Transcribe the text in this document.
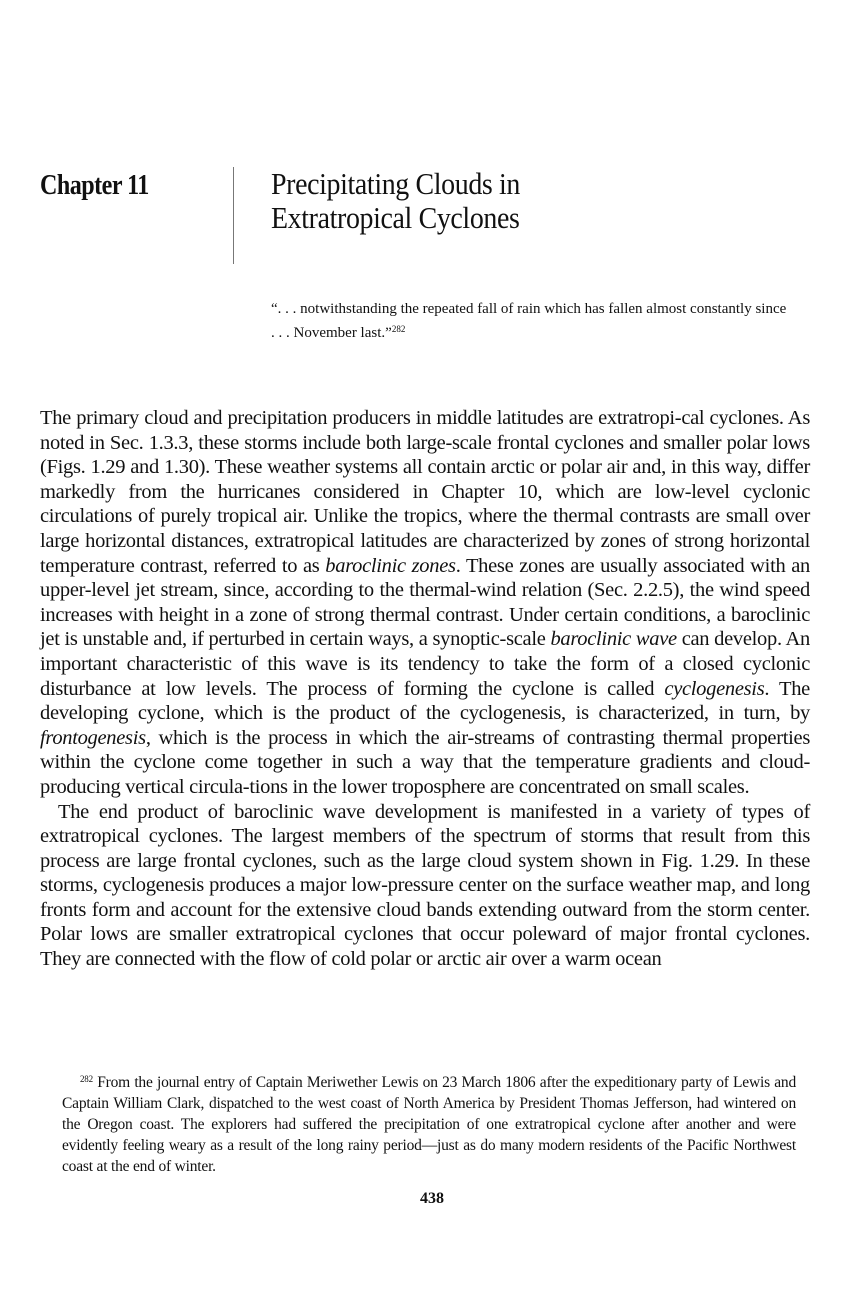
Chapter 11	Precipitating Clouds in
Extratropical Cyclones
“. . . notwithstanding the repeated fall of rain which has fallen almost constantly since . . . November last.”$^{282}$

The primary cloud and precipitation producers in middle latitudes are extratropi-cal cyclones. As noted in Sec. 1.3.3, these storms include both large-scale frontal cyclones and smaller polar lows (Figs. 1.29 and 1.30). These weather systems all contain arctic or polar air and, in this way, differ markedly from the hurricanes considered in Chapter 10, which are low-level cyclonic circulations of purely tropical air. Unlike the tropics, where the thermal contrasts are small over large horizontal distances, extratropical latitudes are characterized by zones of strong horizontal temperature contrast, referred to as baroclinic zones. These zones are usually associated with an upper-level jet stream, since, according to the thermal-wind relation (Sec. 2.2.5), the wind speed increases with height in a zone of strong thermal contrast. Under certain conditions, a baroclinic jet is unstable and, if perturbed in certain ways, a synoptic-scale baroclinic wave can develop. An important characteristic of this wave is its tendency to take the form of a closed cyclonic disturbance at low levels. The process of forming the cyclone is called cyclogenesis. The developing cyclone, which is the product of the cyclogenesis, is characterized, in turn, by frontogenesis, which is the process in which the air-streams of contrasting thermal properties within the cyclone come together in such a way that the temperature gradients and cloud-producing vertical circula-tions in the lower troposphere are concentrated on small scales.

The end product of baroclinic wave development is manifested in a variety of types of extratropical cyclones. The largest members of the spectrum of storms that result from this process are large frontal cyclones, such as the large cloud system shown in Fig. 1.29. In these storms, cyclogenesis produces a major low-pressure center on the surface weather map, and long fronts form and account for the extensive cloud bands extending outward from the storm center. Polar lows are smaller extratropical cyclones that occur poleward of major frontal cyclones. They are connected with the flow of cold polar or arctic air over a warm ocean

$^{282}$ From the journal entry of Captain Meriwether Lewis on 23 March 1806 after the expeditionary party of Lewis and Captain William Clark, dispatched to the west coast of North America by President Thomas Jefferson, had wintered on the Oregon coast. The explorers had suffered the precipitation of one extratropical cyclone after another and were evidently feeling weary as a result of the long rainy period—just as do many modern residents of the Pacific Northwest coast at the end of winter.
438
